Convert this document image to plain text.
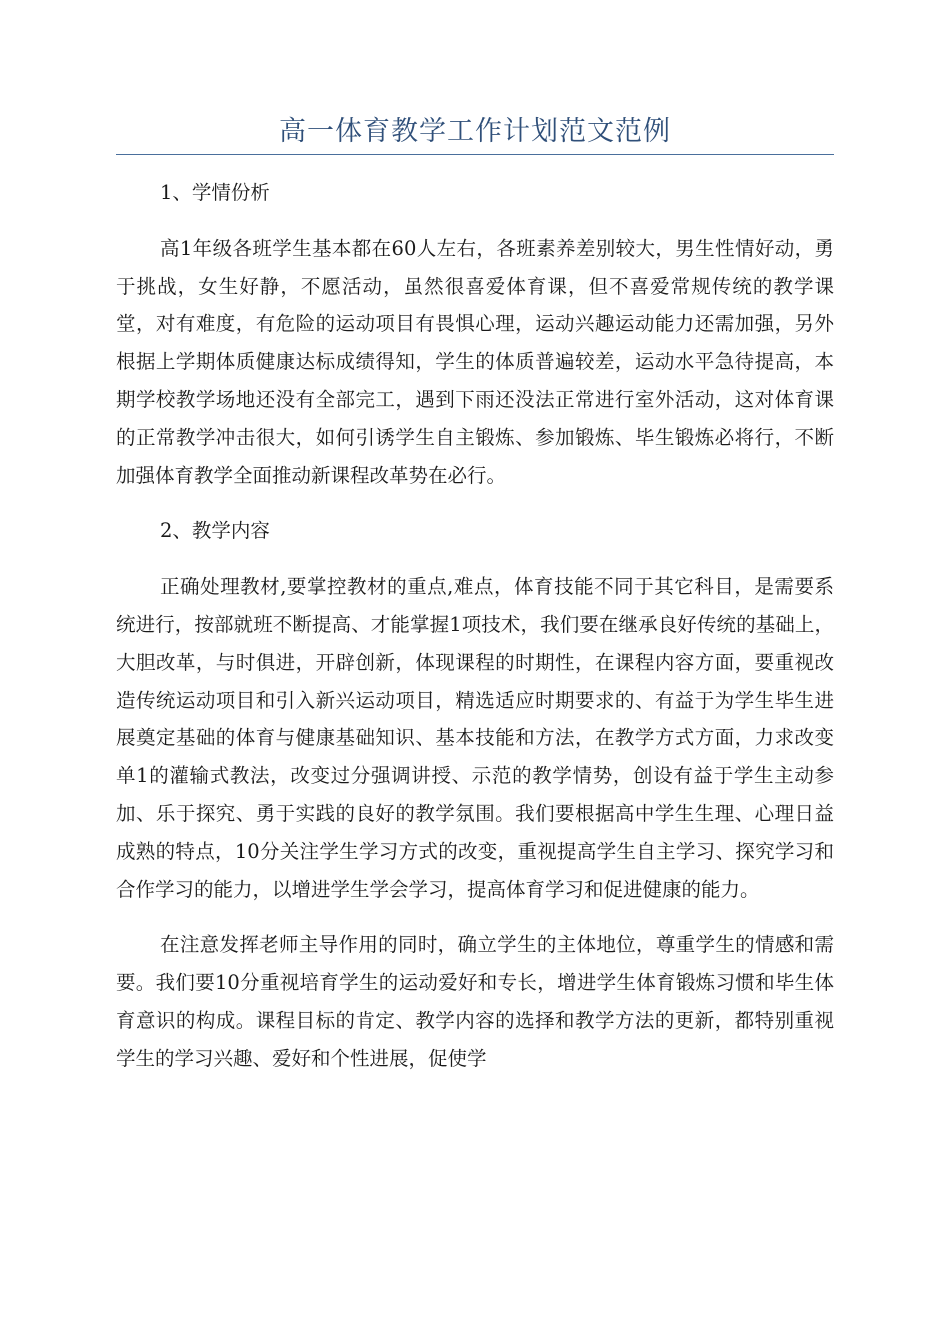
高一体育教学工作计划范文范例

1、学情份析

高1年级各班学生基本都在60人左右，各班素养差别较大，男生性情好动，勇于挑战，女生好静，不愿活动，虽然很喜爱体育课，但不喜爱常规传统的教学课堂，对有难度，有危险的运动项目有畏惧心理，运动兴趣运动能力还需加强，另外根据上学期体质健康达标成绩得知，学生的体质普遍较差，运动水平急待提高，本期学校教学场地还没有全部完工，遇到下雨还没法正常进行室外活动，这对体育课的正常教学冲击很大，如何引诱学生自主锻炼、参加锻炼、毕生锻炼必将行，不断加强体育教学全面推动新课程改革势在必行。

2、教学内容

正确处理教材,要掌控教材的重点,难点，体育技能不同于其它科目，是需要系统进行，按部就班不断提高、才能掌握1项技术，我们要在继承良好传统的基础上，大胆改革，与时俱进，开辟创新，体现课程的时期性，在课程内容方面，要重视改造传统运动项目和引入新兴运动项目，精选适应时期要求的、有益于为学生毕生进展奠定基础的体育与健康基础知识、基本技能和方法，在教学方式方面，力求改变单1的灌输式教法，改变过分强调讲授、示范的教学情势，创设有益于学生主动参加、乐于探究、勇于实践的良好的教学氛围。我们要根据高中学生生理、心理日益成熟的特点，10分关注学生学习方式的改变，重视提高学生自主学习、探究学习和合作学习的能力，以增进学生学会学习，提高体育学习和促进健康的能力。

在注意发挥老师主导作用的同时，确立学生的主体地位，尊重学生的情感和需要。我们要10分重视培育学生的运动爱好和专长，增进学生体育锻炼习惯和毕生体育意识的构成。课程目标的肯定、教学内容的选择和教学方法的更新，都特别重视学生的学习兴趣、爱好和个性进展，促使学
